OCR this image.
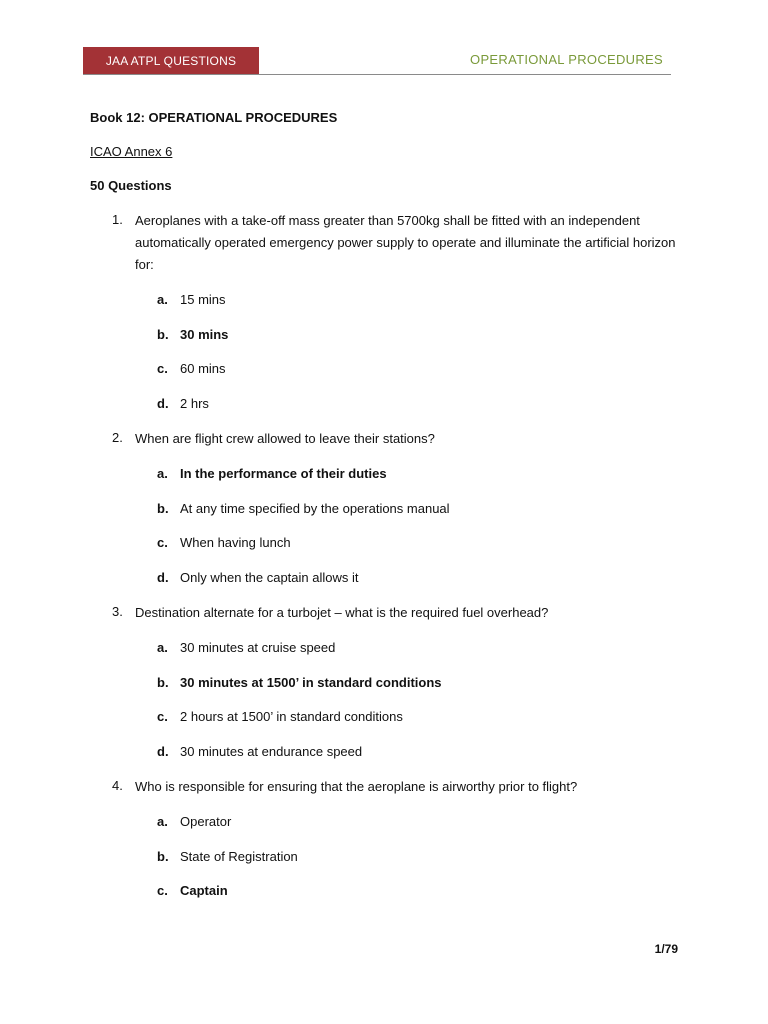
JAA ATPL QUESTIONS	OPERATIONAL PROCEDURES
Book 12: OPERATIONAL PROCEDURES
ICAO Annex 6
50 Questions
1. Aeroplanes with a take-off mass greater than 5700kg shall be fitted with an independent automatically operated emergency power supply to operate and illuminate the artificial horizon for:
a. 15 mins
b. 30 mins
c. 60 mins
d. 2 hrs
2. When are flight crew allowed to leave their stations?
a. In the performance of their duties
b. At any time specified by the operations manual
c. When having lunch
d. Only when the captain allows it
3. Destination alternate for a turbojet – what is the required fuel overhead?
a. 30 minutes at cruise speed
b. 30 minutes at 1500’ in standard conditions
c. 2 hours at 1500’ in standard conditions
d. 30 minutes at endurance speed
4. Who is responsible for ensuring that the aeroplane is airworthy prior to flight?
a. Operator
b. State of Registration
c. Captain
1/79
